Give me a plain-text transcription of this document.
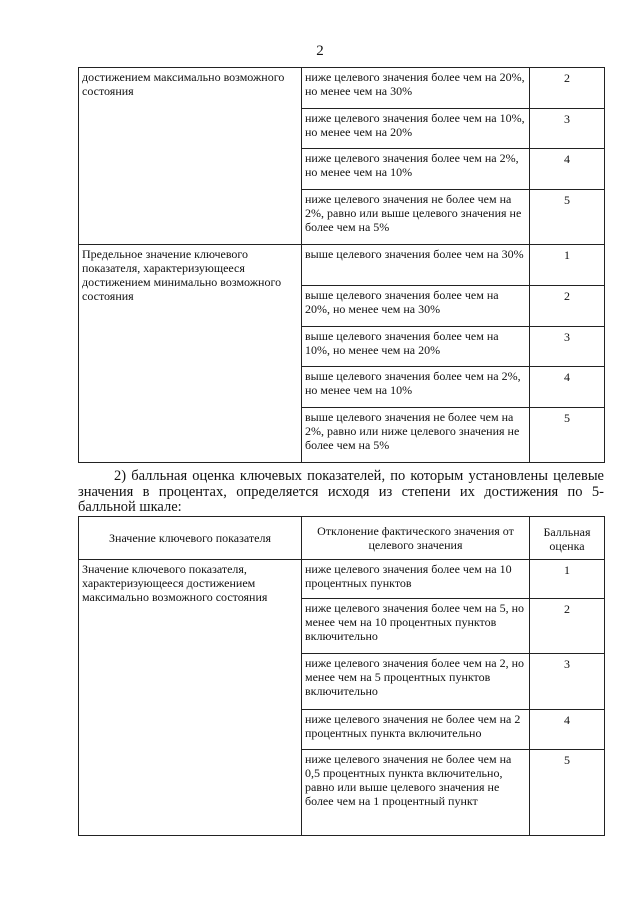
2
достижением максимально возможного состояния	ниже целевого значения более чем на 20%, но менее чем на 30%	2
	ниже целевого значения более чем на 10%, но менее чем на 20%	3
	ниже целевого значения более чем на 2%, но менее чем на 10%	4
	ниже целевого значения не более чем на 2%, равно или выше целевого значения не более чем на 5%	5
Предельное значение ключевого показателя, характеризующееся достижением минимально возможного состояния	выше целевого значения более чем на 30%	1
	выше целевого значения более чем на 20%, но менее чем на 30%	2
	выше целевого значения более чем на 10%, но менее чем на 20%	3
	выше целевого значения более чем на 2%, но менее чем на 10%	4
	выше целевого значения не более чем на 2%, равно или ниже целевого значения не более чем на 5%	5
2) балльная оценка ключевых показателей, по которым установлены целевые значения в процентах, определяется исходя из степени их достижения по 5-балльной шкале:
Значение ключевого показателя	Отклонение фактического значения от целевого значения	Балльная оценка
Значение ключевого показателя, характеризующееся достижением максимально возможного состояния	ниже целевого значения более чем на 10 процентных пунктов	1
	ниже целевого значения более чем на 5, но менее чем на 10 процентных пунктов включительно	2
	ниже целевого значения более чем на 2, но менее чем на 5 процентных пунктов включительно	3
	ниже целевого значения не более чем на 2 процентных пункта включительно	4
	ниже целевого значения не более чем на 0,5 процентных пункта включительно, равно или выше целевого значения не более чем на 1 процентный пункт	5
